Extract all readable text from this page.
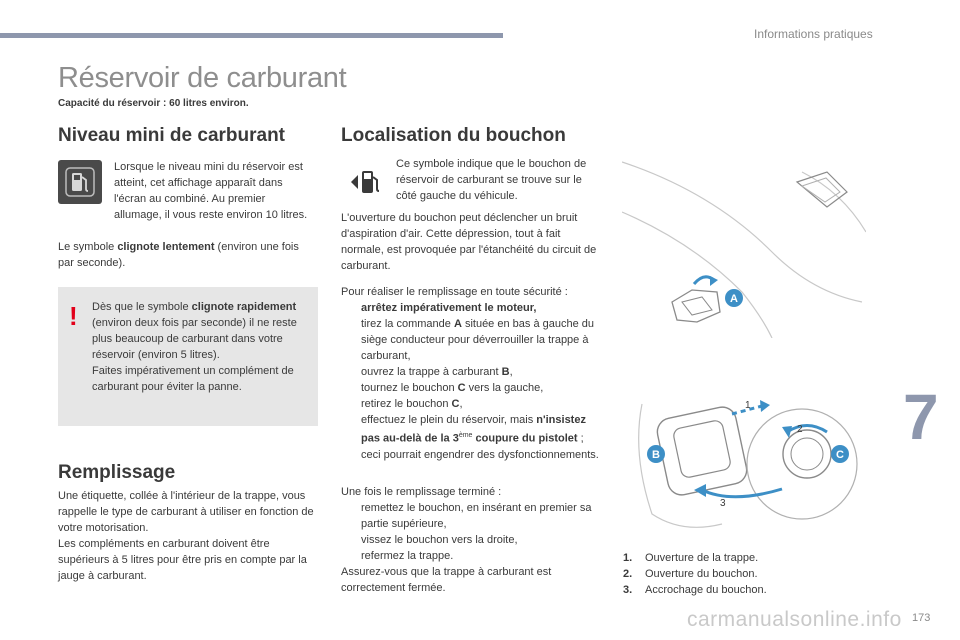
Informations pratiques
Réservoir de carburant
Capacité du réservoir : 60 litres environ.
Niveau mini de carburant
Lorsque le niveau mini du réservoir est atteint, cet affichage apparaît dans l'écran au combiné. Au premier allumage, il vous reste environ 10 litres.
Le symbole clignote lentement (environ une fois par seconde).
! Dès que le symbole clignote rapidement (environ deux fois par seconde) il ne reste plus beaucoup de carburant dans votre réservoir (environ 5 litres).
Faites impérativement un complément de carburant pour éviter la panne.
Remplissage
Une étiquette, collée à l'intérieur de la trappe, vous rappelle le type de carburant à utiliser en fonction de votre motorisation.
Les compléments en carburant doivent être supérieurs à 5 litres pour être pris en compte par la jauge à carburant.
Localisation du bouchon
Ce symbole indique que le bouchon de réservoir de carburant se trouve sur le côté gauche du véhicule.
L'ouverture du bouchon peut déclencher un bruit d'aspiration d'air. Cette dépression, tout à fait normale, est provoquée par l'étanchéité du circuit de carburant.
Pour réaliser le remplissage en toute sécurité :
arrêtez impérativement le moteur,
tirez la commande A située en bas à gauche du siège conducteur pour déverrouiller la trappe à carburant,
ouvrez la trappe à carburant B,
tournez le bouchon C vers la gauche,
retirez le bouchon C,
effectuez le plein du réservoir, mais n'insistez pas au-delà de la 3ème coupure du pistolet ; ceci pourrait engendrer des dysfonctionnements.
Une fois le remplissage terminé :
remettez le bouchon, en insérant en premier sa partie supérieure,
vissez le bouchon vers la droite,
refermez la trappe.
Assurez-vous que la trappe à carburant est correctement fermée.
A
B	C
1
2
3
1. Ouverture de la trappe.
2. Ouverture du bouchon.
3. Accrochage du bouchon.
7
carmanualsonline.info 173
